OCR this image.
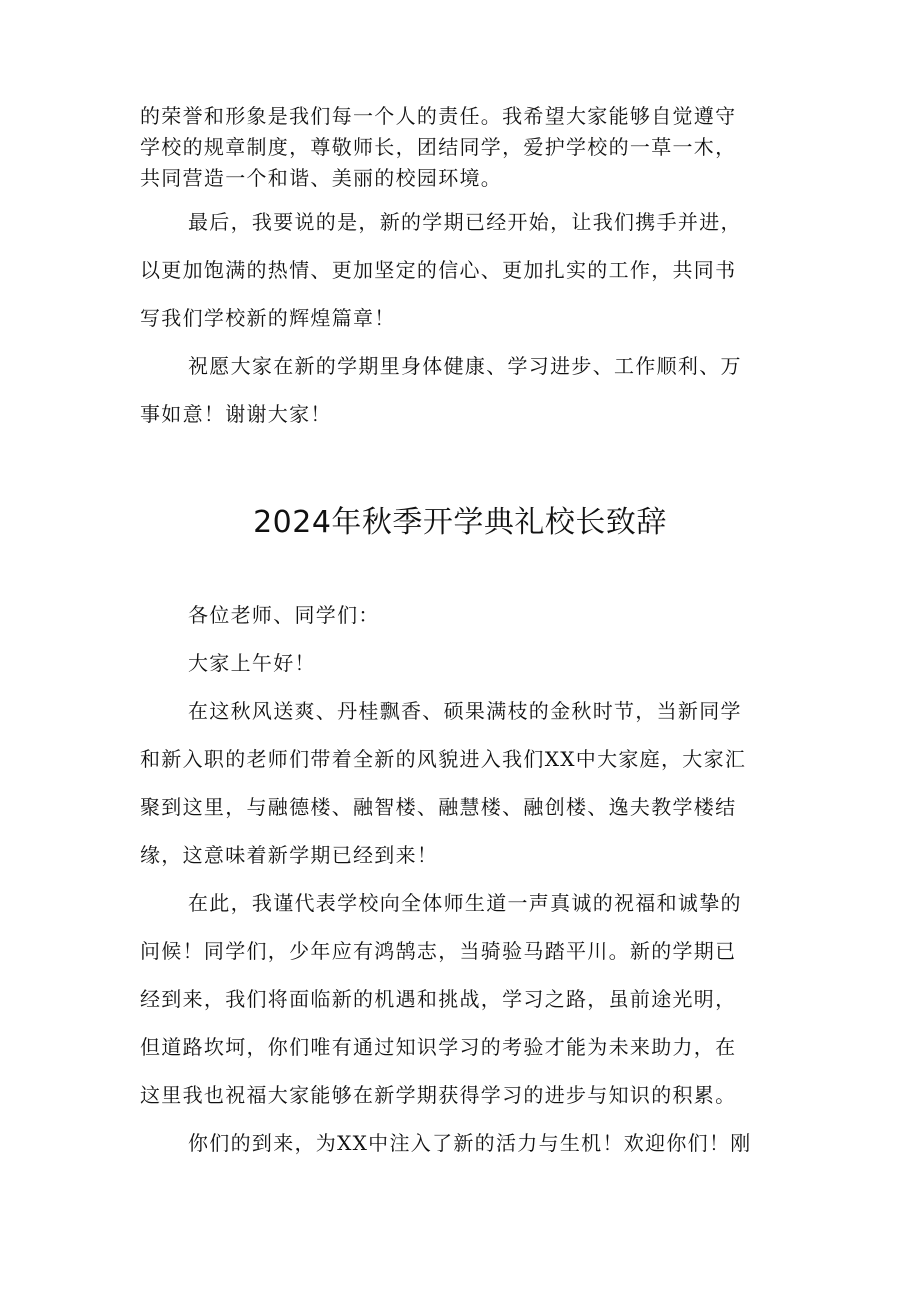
的荣誉和形象是我们每一个人的责任。我希望大家能够自觉遵守
学校的规章制度，尊敬师长，团结同学，爱护学校的一草一木，
共同营造一个和谐、美丽的校园环境。
最后，我要说的是，新的学期已经开始，让我们携手并进，
以更加饱满的热情、更加坚定的信心、更加扎实的工作，共同书
写我们学校新的辉煌篇章！
祝愿大家在新的学期里身体健康、学习进步、工作顺利、万
事如意！谢谢大家！
2024年秋季开学典礼校长致辞
各位老师、同学们：
大家上午好！
在这秋风送爽、丹桂飘香、硕果满枝的金秋时节，当新同学
和新入职的老师们带着全新的风貌进入我们XX中大家庭，大家汇
聚到这里，与融德楼、融智楼、融慧楼、融创楼、逸夫教学楼结
缘，这意味着新学期已经到来！
在此，我谨代表学校向全体师生道一声真诚的祝福和诚挚的
问候！同学们，少年应有鸿鹄志，当骑验马踏平川。新的学期已
经到来，我们将面临新的机遇和挑战，学习之路，虽前途光明，
但道路坎坷，你们唯有通过知识学习的考验才能为未来助力，在
这里我也祝福大家能够在新学期获得学习的进步与知识的积累。
你们的到来，为XX中注入了新的活力与生机！欢迎你们！刚
